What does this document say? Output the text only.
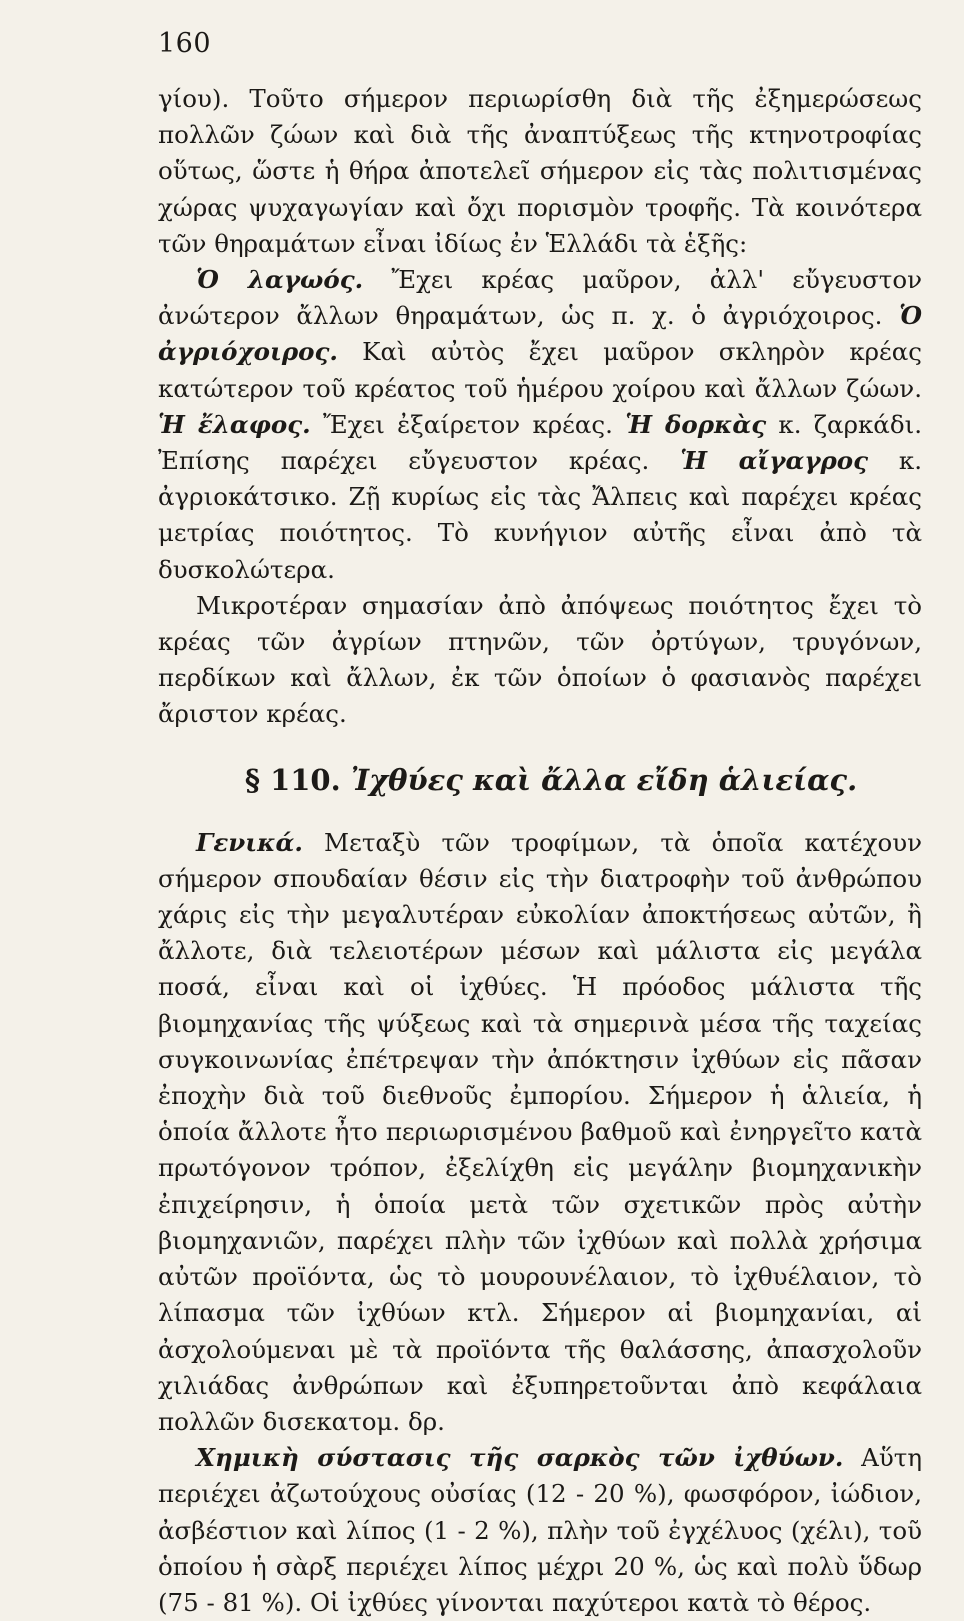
160

γίου). Τοῦτο σήμερον περιωρίσθη διὰ τῆς ἐξημερώσεως πολλῶν ζώων καὶ διὰ τῆς ἀναπτύξεως τῆς κτηνοτροφίας οὕτως, ὥστε ἡ θήρα ἀποτελεῖ σήμερον εἰς τὰς πολιτισμένας χώρας ψυχαγωγίαν καὶ ὄχι πορισμὸν τροφῆς. Τὰ κοινότερα τῶν θηραμάτων εἶναι ἰδίως ἐν Ἑλλάδι τὰ ἑξῆς:

Ὁ λαγωός. Ἔχει κρέας μαῦρον, ἀλλ' εὔγευστον ἀνώτερον ἄλλων θηραμάτων, ὡς π. χ. ὁ ἀγριόχοιρος. Ὁ ἀγριόχοιρος. Καὶ αὐτὸς ἔχει μαῦρον σκληρὸν κρέας κατώτερον τοῦ κρέατος τοῦ ἡμέρου χοίρου καὶ ἄλλων ζώων. Ἡ ἔλαφος. Ἔχει ἐξαίρετον κρέας. Ἡ δορκὰς κ. ζαρκάδι. Ἐπίσης παρέχει εὔγευστον κρέας. Ἡ αἴγαγρος κ. ἀγριοκάτσικο. Ζῇ κυρίως εἰς τὰς Ἄλπεις καὶ παρέχει κρέας μετρίας ποιότητος. Τὸ κυνήγιον αὐτῆς εἶναι ἀπὸ τὰ δυσκολώτερα.

Μικροτέραν σημασίαν ἀπὸ ἀπόψεως ποιότητος ἔχει τὸ κρέας τῶν ἀγρίων πτηνῶν, τῶν ὀρτύγων, τρυγόνων, περδίκων καὶ ἄλλων, ἐκ τῶν ὁποίων ὁ φασιανὸς παρέχει ἄριστον κρέας.

§ 110. Ἰχθύες καὶ ἄλλα εἴδη ἁλιείας.

Γενικά. Μεταξὺ τῶν τροφίμων, τὰ ὁποῖα κατέχουν σήμερον σπουδαίαν θέσιν εἰς τὴν διατροφὴν τοῦ ἀνθρώπου χάρις εἰς τὴν μεγαλυτέραν εὐκολίαν ἀποκτήσεως αὐτῶν, ἢ ἄλλοτε, διὰ τελειοτέρων μέσων καὶ μάλιστα εἰς μεγάλα ποσά, εἶναι καὶ οἱ ἰχθύες. Ἡ πρόοδος μάλιστα τῆς βιομηχανίας τῆς ψύξεως καὶ τὰ σημερινὰ μέσα τῆς ταχείας συγκοινωνίας ἐπέτρεψαν τὴν ἀπόκτησιν ἰχθύων εἰς πᾶσαν ἐποχὴν διὰ τοῦ διεθνοῦς ἐμπορίου. Σήμερον ἡ ἁλιεία, ἡ ὁποία ἄλλοτε ἦτο περιωρισμένου βαθμοῦ καὶ ἐνηργεῖτο κατὰ πρωτόγονον τρόπον, ἐξελίχθη εἰς μεγάλην βιομηχανικὴν ἐπιχείρησιν, ἡ ὁποία μετὰ τῶν σχετικῶν πρὸς αὐτὴν βιομηχανιῶν, παρέχει πλὴν τῶν ἰχθύων καὶ πολλὰ χρήσιμα αὐτῶν προϊόντα, ὡς τὸ μουρουνέλαιον, τὸ ἰχθυέλαιον, τὸ λίπασμα τῶν ἰχθύων κτλ. Σήμερον αἱ βιομηχανίαι, αἱ ἀσχολούμεναι μὲ τὰ προϊόντα τῆς θαλάσσης, ἀπασχολοῦν χιλιάδας ἀνθρώπων καὶ ἐξυπηρετοῦνται ἀπὸ κεφάλαια πολλῶν δισεκατομ. δρ.

Χημικὴ σύστασις τῆς σαρκὸς τῶν ἰχθύων. Αὕτη περιέχει ἀζωτούχους οὐσίας (12 - 20 %), φωσφόρον, ἰώδιον, ἀσβέστιον καὶ λίπος (1 - 2 %), πλὴν τοῦ ἐγχέλυος (χέλι), τοῦ ὁποίου ἡ σὰρξ περιέχει λίπος μέχρι 20 %, ὡς καὶ πολὺ ὕδωρ (75 - 81 %). Οἱ ἰχθύες γίνονται παχύτεροι κατὰ τὸ θέρος.
